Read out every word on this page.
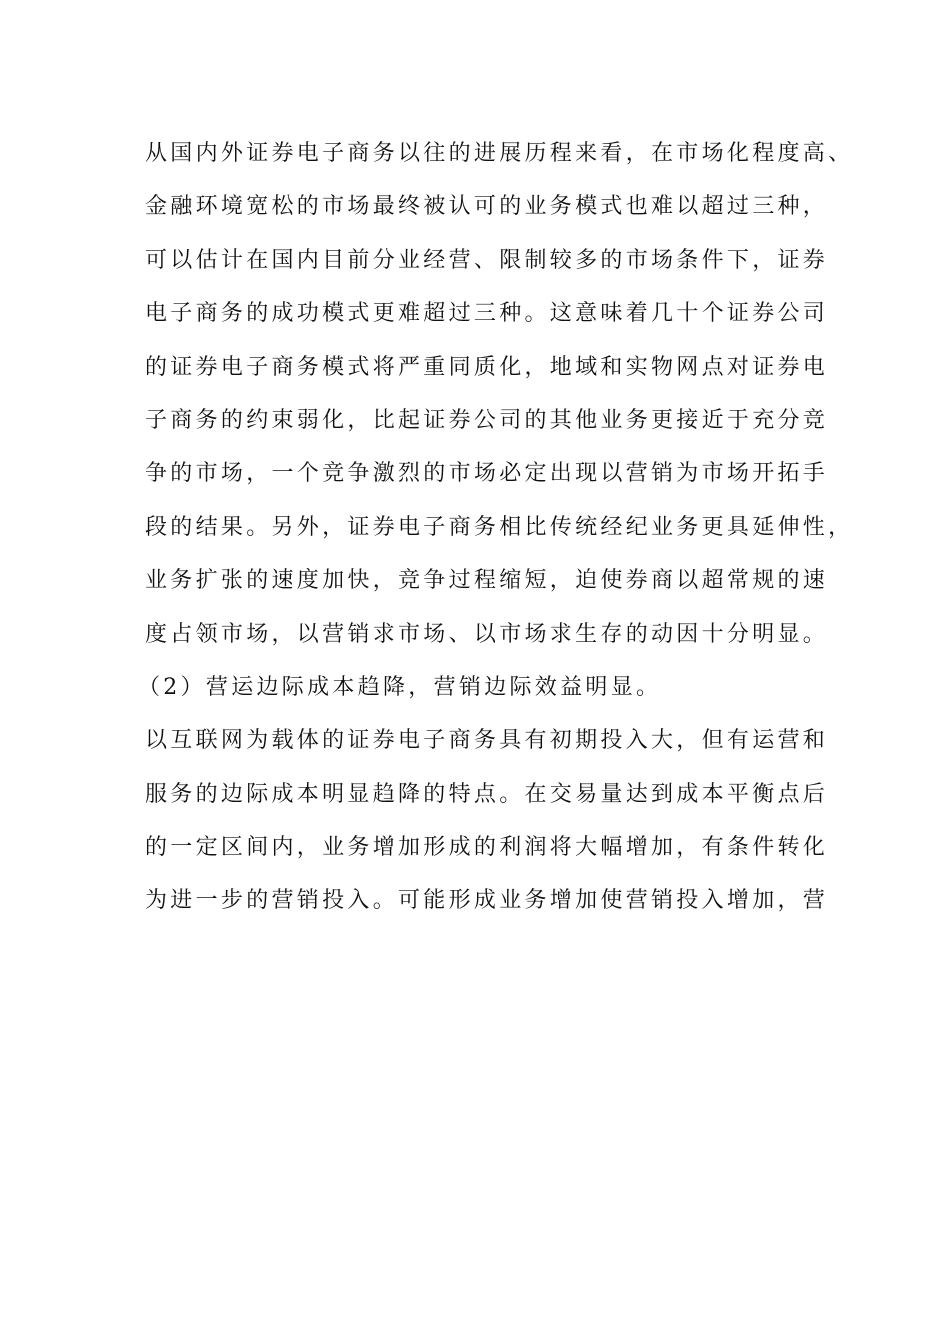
从国内外证券电子商务以往的进展历程来看，在市场化程度高、
金融环境宽松的市场最终被认可的业务模式也难以超过三种，
可以估计在国内目前分业经营、限制较多的市场条件下，证券
电子商务的成功模式更难超过三种。这意味着几十个证券公司
的证券电子商务模式将严重同质化，地域和实物网点对证券电
子商务的约束弱化，比起证券公司的其他业务更接近于充分竞
争的市场，一个竞争激烈的市场必定出现以营销为市场开拓手
段的结果。另外，证券电子商务相比传统经纪业务更具延伸性，
业务扩张的速度加快，竞争过程缩短，迫使券商以超常规的速
度占领市场，以营销求市场、以市场求生存的动因十分明显。
（2）营运边际成本趋降，营销边际效益明显。
以互联网为载体的证券电子商务具有初期投入大，但有运营和
服务的边际成本明显趋降的特点。在交易量达到成本平衡点后
的一定区间内，业务增加形成的利润将大幅增加，有条件转化
为进一步的营销投入。可能形成业务增加使营销投入增加，营
